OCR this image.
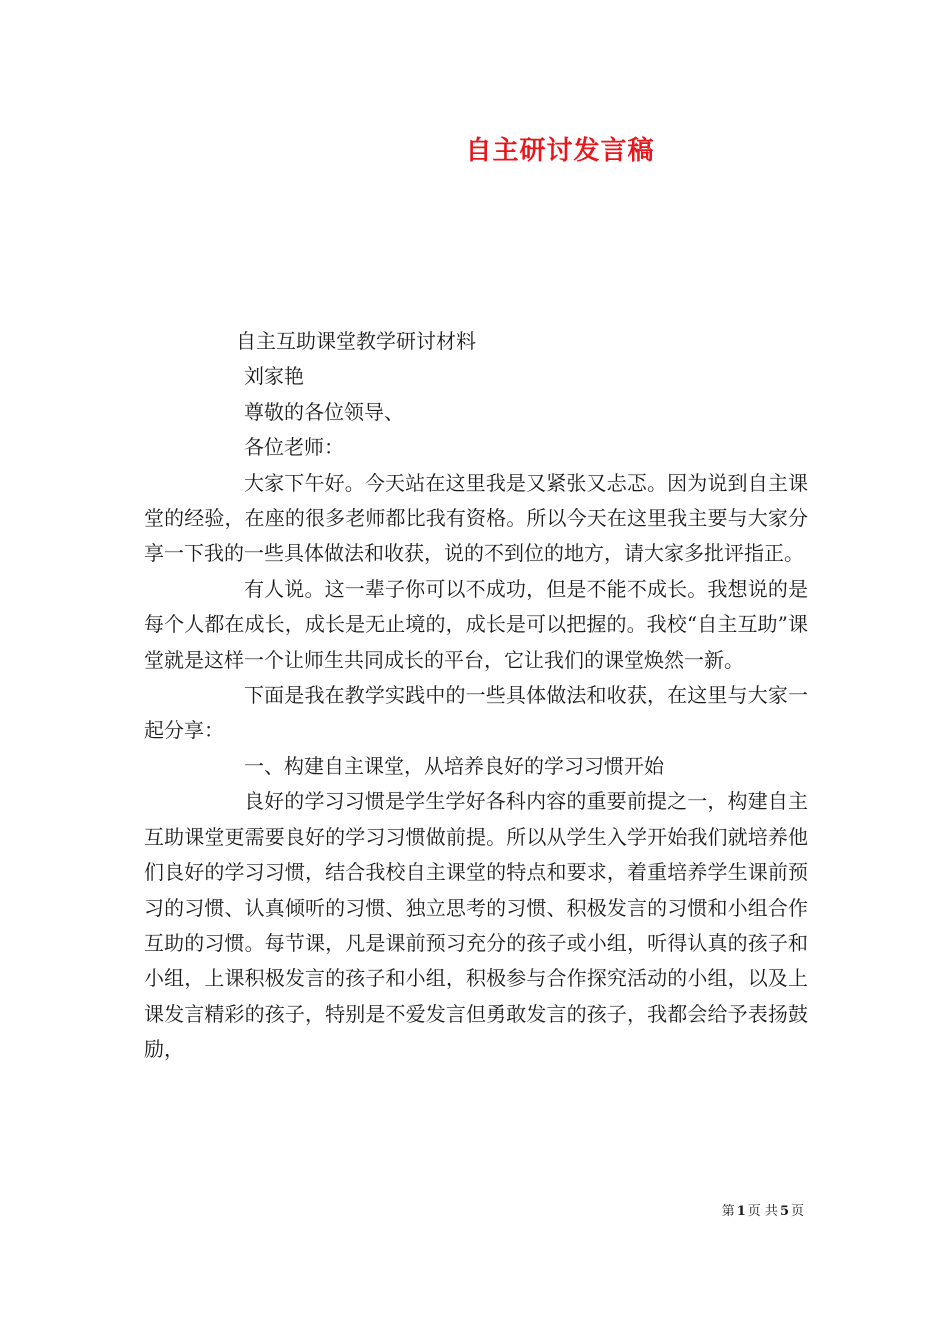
自主研讨发言稿

自主互助课堂教学研讨材料

刘家艳

尊敬的各位领导、

各位老师：

大家下午好。今天站在这里我是又紧张又忐忑。因为说到自主课堂的经验，在座的很多老师都比我有资格。所以今天在这里我主要与大家分享一下我的一些具体做法和收获，说的不到位的地方，请大家多批评指正。

有人说。这一辈子你可以不成功，但是不能不成长。我想说的是每个人都在成长，成长是无止境的，成长是可以把握的。我校“自主互助”课堂就是这样一个让师生共同成长的平台，它让我们的课堂焕然一新。

下面是我在教学实践中的一些具体做法和收获，在这里与大家一起分享：

一、构建自主课堂，从培养良好的学习习惯开始

良好的学习习惯是学生学好各科内容的重要前提之一，构建自主互助课堂更需要良好的学习习惯做前提。所以从学生入学开始我们就培养他们良好的学习习惯，结合我校自主课堂的特点和要求，着重培养学生课前预习的习惯、认真倾听的习惯、独立思考的习惯、积极发言的习惯和小组合作互助的习惯。每节课，凡是课前预习充分的孩子或小组，听得认真的孩子和小组，上课积极发言的孩子和小组，积极参与合作探究活动的小组，以及上课发言精彩的孩子，特别是不爱发言但勇敢发言的孩子，我都会给予表扬鼓励，

第 1 页 共 5 页
